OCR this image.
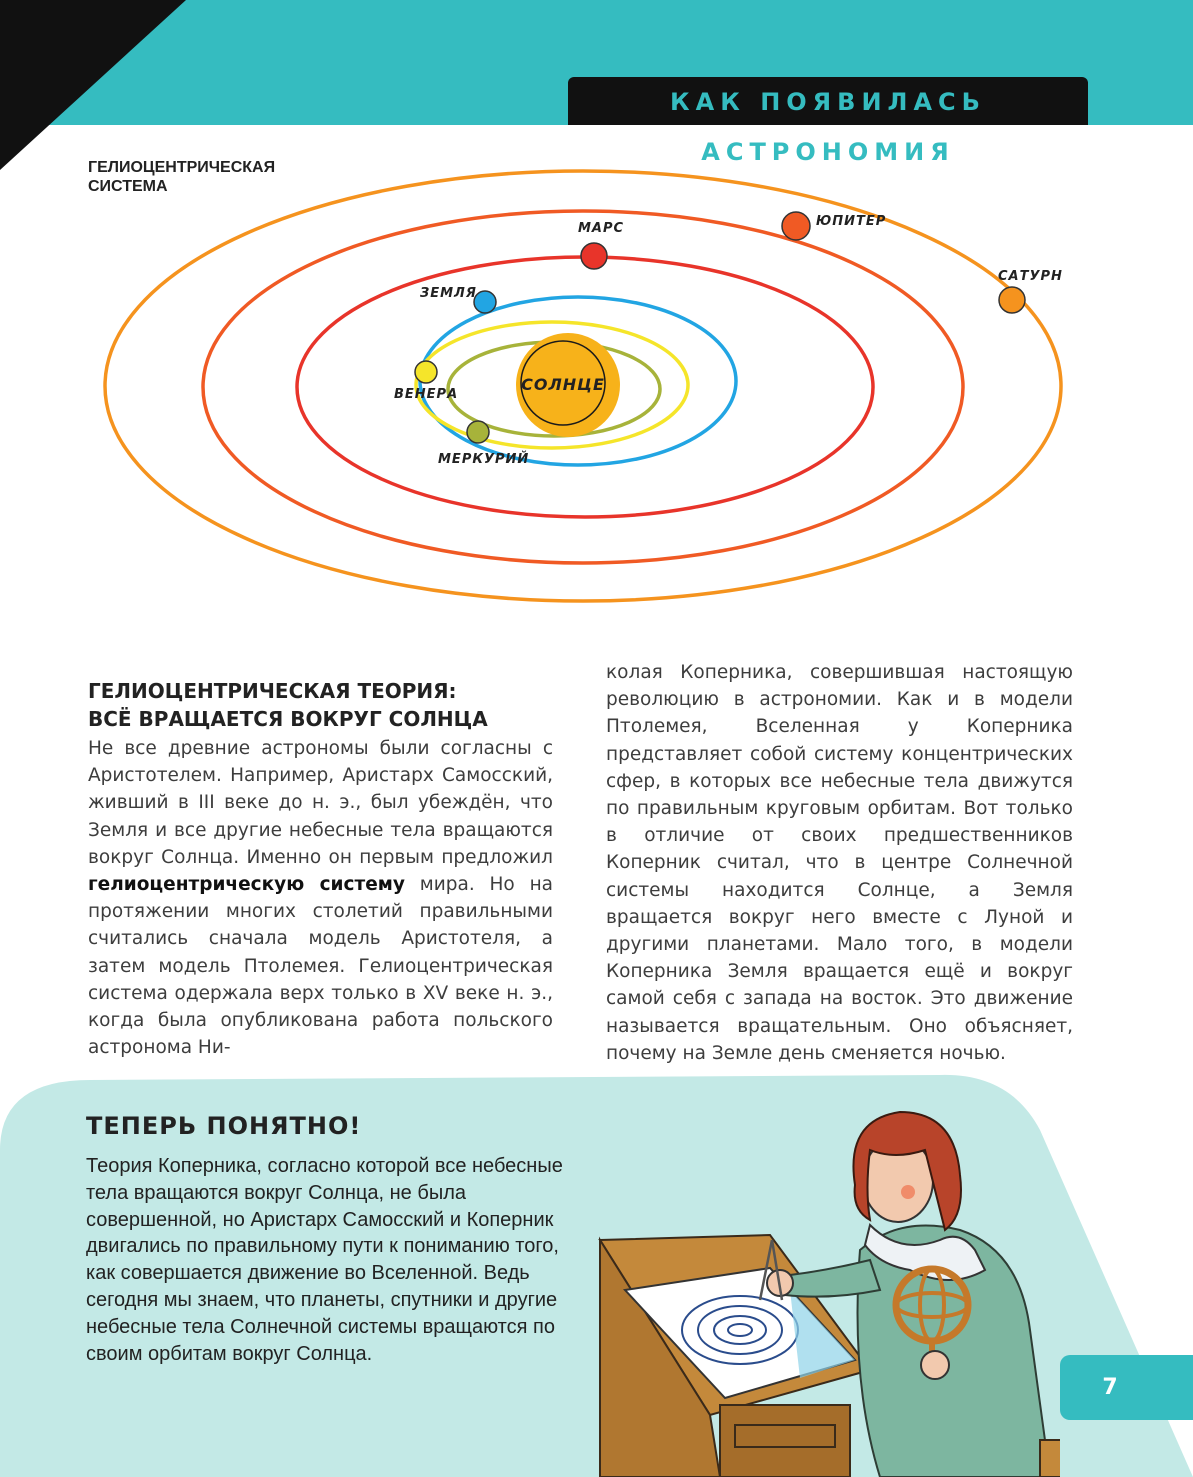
КАК ПОЯВИЛАСЬ АСТРОНОМИЯ
ГЕЛИОЦЕНТРИЧЕСКАЯ
СИСТЕМА
СОЛНЦЕ
МЕРКУРИЙ
ВЕНЕРА
ЗЕМЛЯ
МАРС	ЮПИТЕР
САТУРН
ГЕЛИОЦЕНТРИЧЕСКАЯ ТЕОРИЯ:
ВСЁ ВРАЩАЕТСЯ ВОКРУГ СОЛНЦА

Не все древние астрономы были согласны с Аристотелем. Например, Аристарх Самосский, живший в III веке до н. э., был убеждён, что Земля и все другие небесные тела вращаются вокруг Солнца. Именно он первым предложил гелиоцентрическую систему мира. Но на протяжении многих столетий правильными считались сначала модель Аристотеля, а затем модель Птолемея. Гелиоцентрическая система одержала верх только в XV веке н. э., когда была опубликована работа польского астронома Ни-

колая Коперника, совершившая настоящую революцию в астрономии. Как и в модели Птолемея, Вселенная у Коперника представляет собой систему концентрических сфер, в которых все небесные тела движутся по правильным круговым орбитам. Вот только в отличие от своих предшественников Коперник считал, что в центре Солнечной системы находится Солнце, а Земля вращается вокруг него вместе с Луной и другими планетами. Мало того, в модели Коперника Земля вращается ещё и вокруг самой себя с запада на восток. Это движение называется вращательным. Оно объясняет, почему на Земле день сменяется ночью.

ТЕПЕРЬ ПОНЯТНО!

Теория Коперника, согласно которой все небесные тела вращаются вокруг Солнца, не была совершенной, но Аристарх Самосский и Коперник двигались по правильному пути к пониманию того, как совершается движение во Вселенной. Ведь сегодня мы знаем, что планеты, спутники и другие небесные тела Солнечной системы вращаются по своим орбитам вокруг Солнца.

7
